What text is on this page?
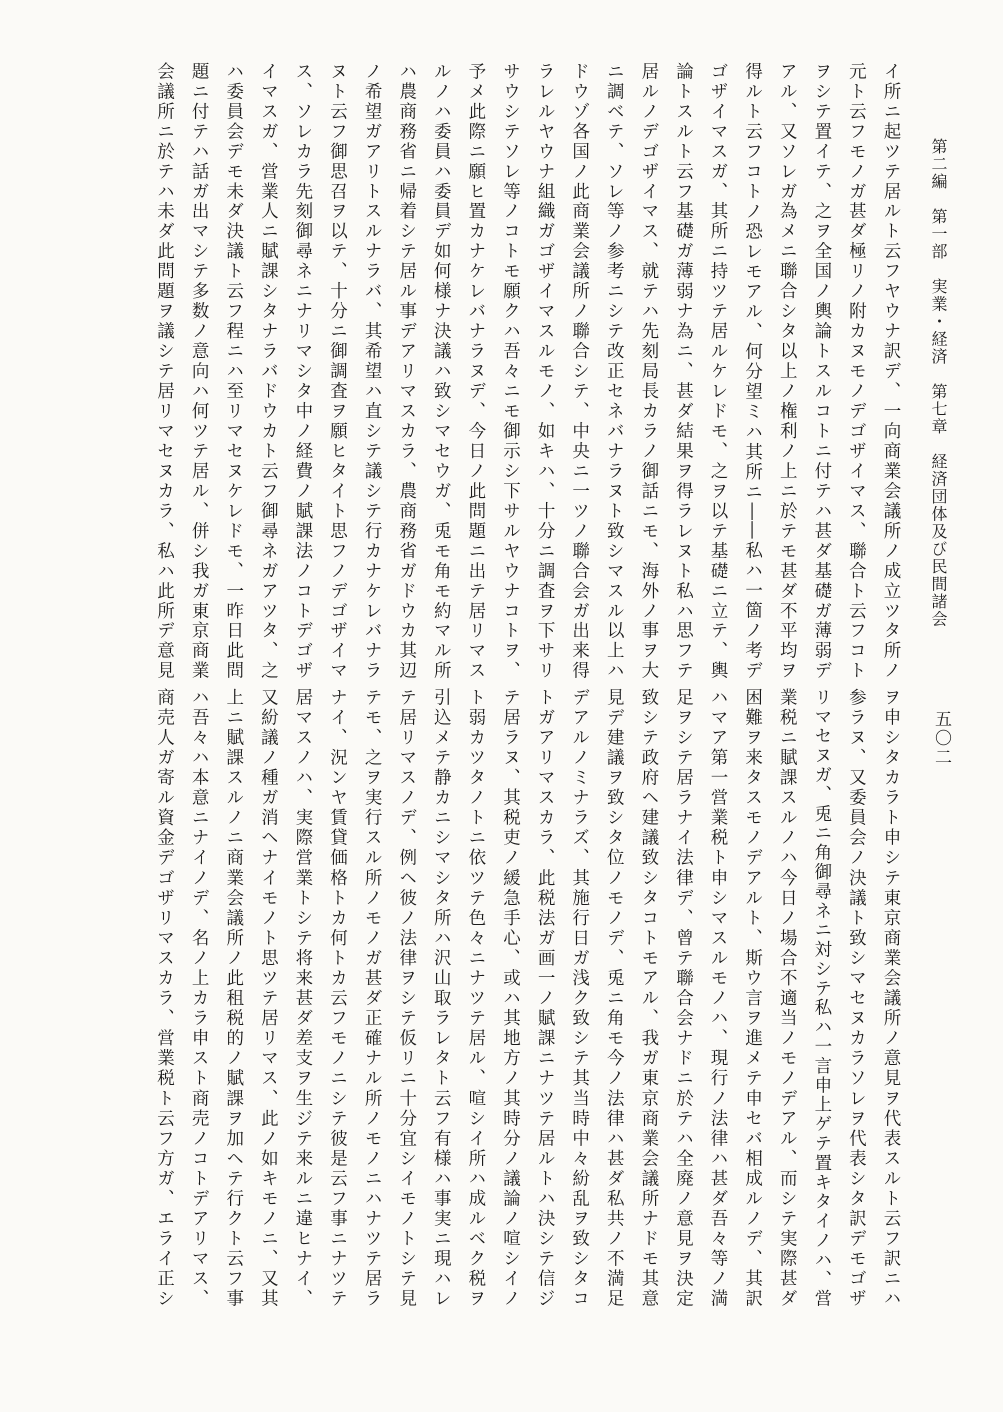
第二編　第一部　実業・経済　第七章　経済団体及び民間諸会
五〇二
イ所ニ起ツテ居ルト云フヤウナ訳デ、一向商業会議所ノ成立ツタ所ノ
元ト云フモノガ甚ダ極リノ附カヌモノデゴザイマス、聯合ト云フコト
ヲシテ置イテ、之ヲ全国ノ輿論トスルコトニ付テハ甚ダ基礎ガ薄弱デ
アル、又ソレガ為メニ聯合シタ以上ノ権利ノ上ニ於テモ甚ダ不平均ヲ
得ルト云フコトノ恐レモアル、何分望ミハ其所ニ――私ハ一箇ノ考デ
ゴザイマスガ、其所ニ持ツテ居ルケレドモ、之ヲ以テ基礎ニ立テ、輿
論トスルト云フ基礎ガ薄弱ナ為ニ、甚ダ結果ヲ得ラレヌト私ハ思フテ
居ルノデゴザイマス、就テハ先刻局長カラノ御話ニモ、海外ノ事ヲ大
ニ調ベテ、ソレ等ノ参考ニシテ改正セネバナラヌト致シマスル以上ハ
ドウゾ各国ノ此商業会議所ノ聯合シテ、中央ニ一ツノ聯合会ガ出来得
ラレルヤウナ組織ガゴザイマスルモノ、如キハ、十分ニ調査ヲ下サリ
サウシテソレ等ノコトモ願クハ吾々ニモ御示シ下サルヤウナコトヲ、
予メ此際ニ願ヒ置カナケレバナラヌデ、今日ノ此問題ニ出テ居リマス
ルノハ委員ハ委員デ如何様ナ決議ハ致シマセウガ、兎モ角モ約マル所
ハ農商務省ニ帰着シテ居ル事デアリマスカラ、農商務省ガドウカ其辺
ノ希望ガアリトスルナラバ、其希望ハ直シテ議シテ行カナケレバナラ
ヌト云フ御思召ヲ以テ、十分ニ御調査ヲ願ヒタイト思フノデゴザイマ
ス、ソレカラ先刻御尋ネニナリマシタ中ノ経費ノ賦課法ノコトデゴザ
イマスガ、営業人ニ賦課シタナラバドウカト云フ御尋ネガアツタ、之
ハ委員会デモ未ダ決議ト云フ程ニハ至リマセヌケレドモ、一昨日此問
題ニ付テハ話ガ出マシテ多数ノ意向ハ何ツテ居ル、併シ我ガ東京商業
会議所ニ於テハ未ダ此問題ヲ議シテ居リマセヌカラ、私ハ此所デ意見
ヲ申シタカラト申シテ東京商業会議所ノ意見ヲ代表スルト云フ訳ニハ
参ラヌ、又委員会ノ決議ト致シマセヌカラソレヲ代表シタ訳デモゴザ
リマセヌガ、兎ニ角御尋ネニ対シテ私ハ一言申上ゲテ置キタイノハ、営
業税ニ賦課スルノハ今日ノ場合不適当ノモノデアル、而シテ実際甚ダ
困難ヲ来タスモノデアルト、斯ウ言ヲ進メテ申セバ相成ルノデ、其訳
ハマア第一営業税ト申シマスルモノハ、現行ノ法律ハ甚ダ吾々等ノ満
足ヲシテ居ラナイ法律デ、曾テ聯合会ナドニ於テハ全廃ノ意見ヲ決定
致シテ政府ヘ建議致シタコトモアル、我ガ東京商業会議所ナドモ其意
見デ建議ヲ致シタ位ノモノデ、兎ニ角モ今ノ法律ハ甚ダ私共ノ不満足
デアルノミナラズ、其施行日ガ浅ク致シテ其当時中々紛乱ヲ致シタコ
トガアリマスカラ、此税法ガ画一ノ賦課ニナツテ居ルトハ決シテ信ジ
テ居ラヌ、其税吏ノ緩急手心、或ハ其地方ノ其時分ノ議論ノ喧シイノ
ト弱カツタノトニ依ツテ色々ニナツテ居ル、喧シイ所ハ成ルベク税ヲ
引込メテ静カニシマシタ所ハ沢山取ラレタト云フ有様ハ事実ニ現ハレ
テ居リマスノデ、例ヘ彼ノ法律ヲシテ仮リニ十分宜シイモノトシテ見
テモ、之ヲ実行スル所ノモノガ甚ダ正確ナル所ノモノニハナツテ居ラ
ナイ、況ンヤ賃貸価格トカ何トカ云フモノニシテ彼是云フ事ニナツテ
居マスノハ、実際営業トシテ将来甚ダ差支ヲ生ジテ来ルニ違ヒナイ、
又紛議ノ種ガ消ヘナイモノト思ツテ居リマス、此ノ如キモノニ、又其
上ニ賦課スルノニ商業会議所ノ此租税的ノ賦課ヲ加ヘテ行クト云フ事
ハ吾々ハ本意ニナイノデ、名ノ上カラ申スト商売ノコトデアリマス、
商売人ガ寄ル資金デゴザリマスカラ、営業税ト云フ方ガ、エライ正シ
